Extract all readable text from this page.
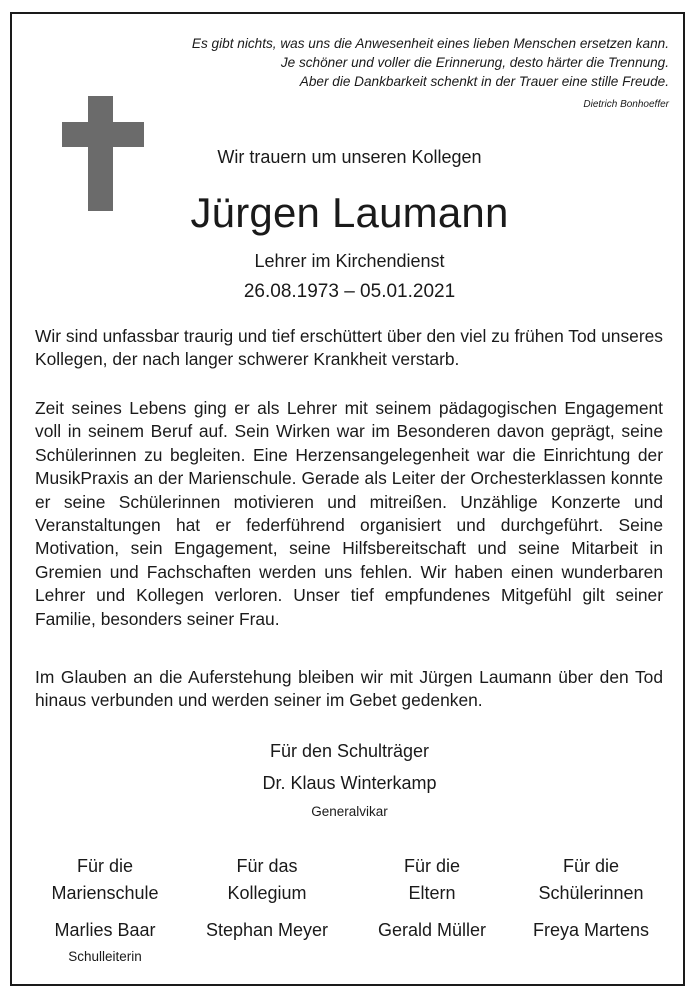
Es gibt nichts, was uns die Anwesenheit eines lieben Menschen ersetzen kann.
Je schöner und voller die Erinnerung, desto härter die Trennung.
Aber die Dankbarkeit schenkt in der Trauer eine stille Freude.
Dietrich Bonhoeffer
Wir trauern um unseren Kollegen
Jürgen Laumann
Lehrer im Kirchendienst
26.08.1973 – 05.01.2021
Wir sind unfassbar traurig und tief erschüttert über den viel zu frühen Tod unseres Kollegen, der nach langer schwerer Krankheit verstarb.
Zeit seines Lebens ging er als Lehrer mit seinem pädagogischen Engagement voll in seinem Beruf auf. Sein Wirken war im Besonderen davon geprägt, seine Schülerinnen zu begleiten. Eine Herzensangelegenheit war die Einrichtung der MusikPraxis an der Marienschule. Gerade als Leiter der Orchesterklassen konnte er seine Schülerinnen motivieren und mitreißen. Unzählige Konzerte und Veranstaltungen hat er federführend organisiert und durchgeführt. Seine Motivation, sein Engagement, seine Hilfsbereitschaft und seine Mitarbeit in Gremien und Fachschaften werden uns fehlen. Wir haben einen wunderbaren Lehrer und Kollegen verloren. Unser tief empfundenes Mitgefühl gilt seiner Familie, besonders seiner Frau.
Im Glauben an die Auferstehung bleiben wir mit Jürgen Laumann über den Tod hinaus verbunden und werden seiner im Gebet gedenken.
Für den Schulträger
Dr. Klaus Winterkamp
Generalvikar
Für die
Marienschule
Marlies Baar
Schulleiterin
Für das
Kollegium
Stephan Meyer
Für die
Eltern
Gerald Müller
Für die
Schülerinnen
Freya Martens
